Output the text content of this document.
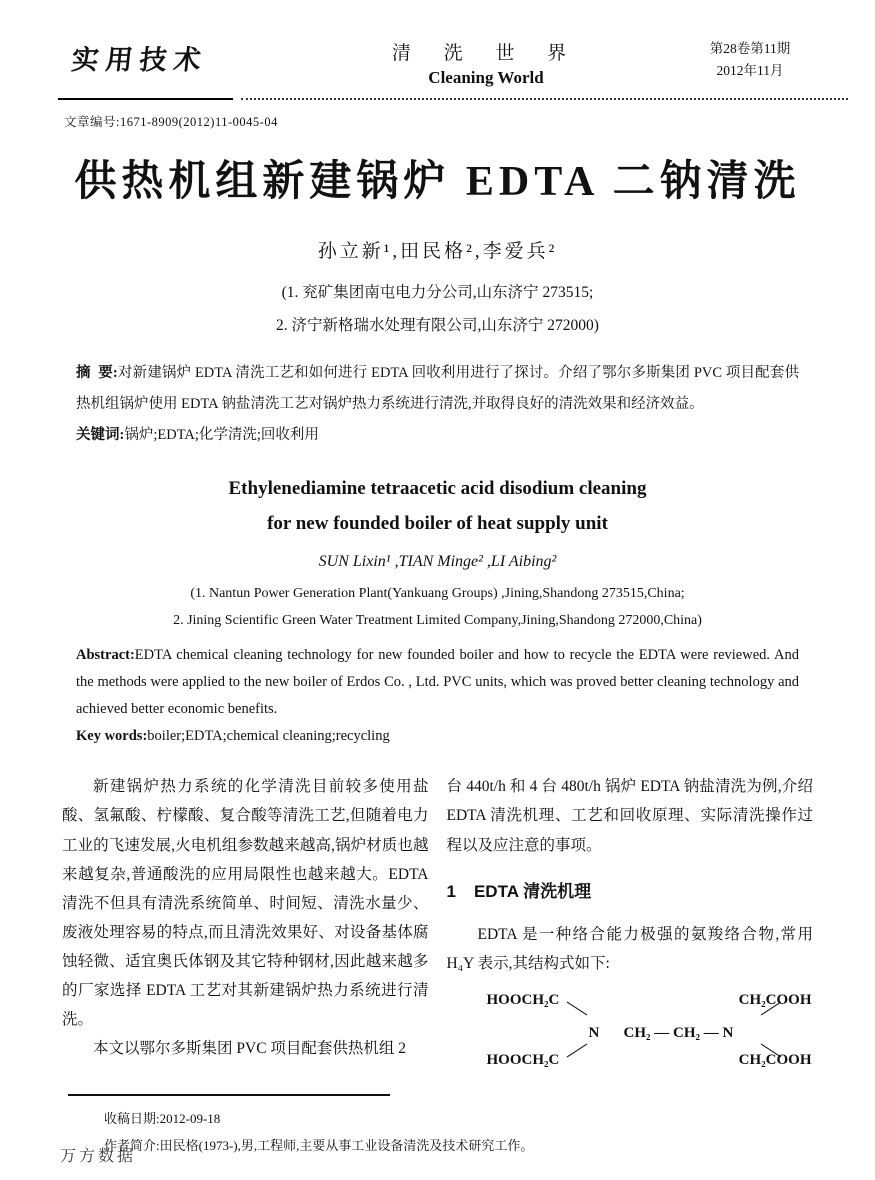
实用技术	清 洗 世 界
Cleaning World
第28卷第11期
2012年11月
文章编号:1671-8909(2012)11-0045-04
供热机组新建锅炉 EDTA 二钠清洗
孙立新¹,田民格²,李爱兵²
(1. 兖矿集团南屯电力分公司,山东济宁 273515;
2. 济宁新格瑞水处理有限公司,山东济宁 272000)

摘  要:对新建锅炉 EDTA 清洗工艺和如何进行 EDTA 回收利用进行了探讨。介绍了鄂尔多斯集团 PVC 项目配套供热机组锅炉使用 EDTA 钠盐清洗工艺对锅炉热力系统进行清洗,并取得良好的清洗效果和经济效益。

关键词:锅炉;EDTA;化学清洗;回收利用

Ethylenediamine tetraacetic acid disodium cleaning
for new founded boiler of heat supply unit
SUN Lixin¹ ,TIAN Minge² ,LI Aibing²
(1. Nantun Power Generation Plant(Yankuang Groups) ,Jining,Shandong 273515,China;
2. Jining Scientific Green Water Treatment Limited Company,Jining,Shandong 272000,China)

Abstract:EDTA chemical cleaning technology for new founded boiler and how to recycle the EDTA were reviewed. And the methods were applied to the new boiler of Erdos Co. , Ltd. PVC units, which was proved better cleaning technology and achieved better economic benefits.

Key words:boiler;EDTA;chemical cleaning;recycling

新建锅炉热力系统的化学清洗目前较多使用盐酸、氢氟酸、柠檬酸、复合酸等清洗工艺,但随着电力工业的飞速发展,火电机组参数越来越高,锅炉材质也越来越复杂,普通酸洗的应用局限性也越来越大。EDTA 清洗不但具有清洗系统简单、时间短、清洗水量少、废液处理容易的特点,而且清洗效果好、对设备基体腐蚀轻微、适宜奥氏体钢及其它特种钢材,因此越来越多的厂家选择 EDTA 工艺对其新建锅炉热力系统进行清洗。

本文以鄂尔多斯集团 PVC 项目配套供热机组 2

台 440t/h 和 4 台 480t/h 锅炉 EDTA 钠盐清洗为例,介绍 EDTA 清洗机理、工艺和回收原理、实际清洗操作过程以及应注意的事项。

1 EDTA 清洗机理

EDTA 是一种络合能力极强的氨羧络合物,常用 H₄Y 表示,其结构式如下:

HOOCH₂C
HOOCH₂C
N CH₂ — CH₂ — N
CH₂COOH
CH₂COOH
收稿日期:2012-09-18
作者简介:田民格(1973-),男,工程师,主要从事工业设备清洗及技术研究工作。
万方数据
